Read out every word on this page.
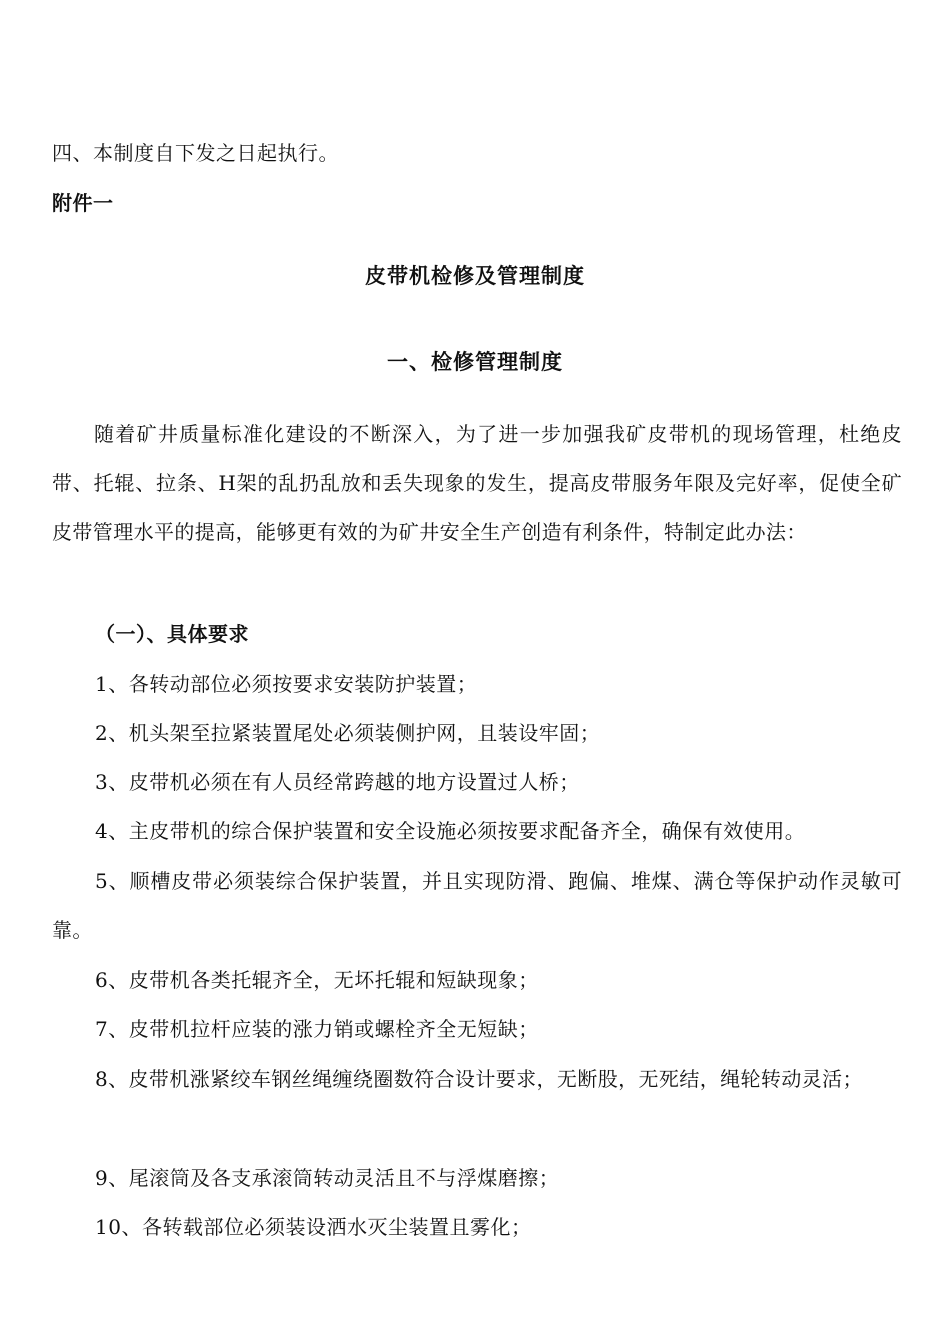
四、本制度自下发之日起执行。
附件一
皮带机检修及管理制度
一、检修管理制度
随着矿井质量标准化建设的不断深入，为了进一步加强我矿皮带机的现场管理，杜绝皮带、托辊、拉条、H架的乱扔乱放和丢失现象的发生，提高皮带服务年限及完好率，促使全矿皮带管理水平的提高，能够更有效的为矿井安全生产创造有利条件，特制定此办法：
（一）、具体要求
1、各转动部位必须按要求安装防护装置；
2、机头架至拉紧装置尾处必须装侧护网，且装设牢固；
3、皮带机必须在有人员经常跨越的地方设置过人桥；
4、主皮带机的综合保护装置和安全设施必须按要求配备齐全，确保有效使用。
5、顺槽皮带必须装综合保护装置，并且实现防滑、跑偏、堆煤、满仓等保护动作灵敏可靠。
6、皮带机各类托辊齐全，无坏托辊和短缺现象；
7、皮带机拉杆应装的涨力销或螺栓齐全无短缺；
8、皮带机涨紧绞车钢丝绳缠绕圈数符合设计要求，无断股，无死结，绳轮转动灵活；
9、尾滚筒及各支承滚筒转动灵活且不与浮煤磨擦；
10、各转载部位必须装设洒水灭尘装置且雾化；
